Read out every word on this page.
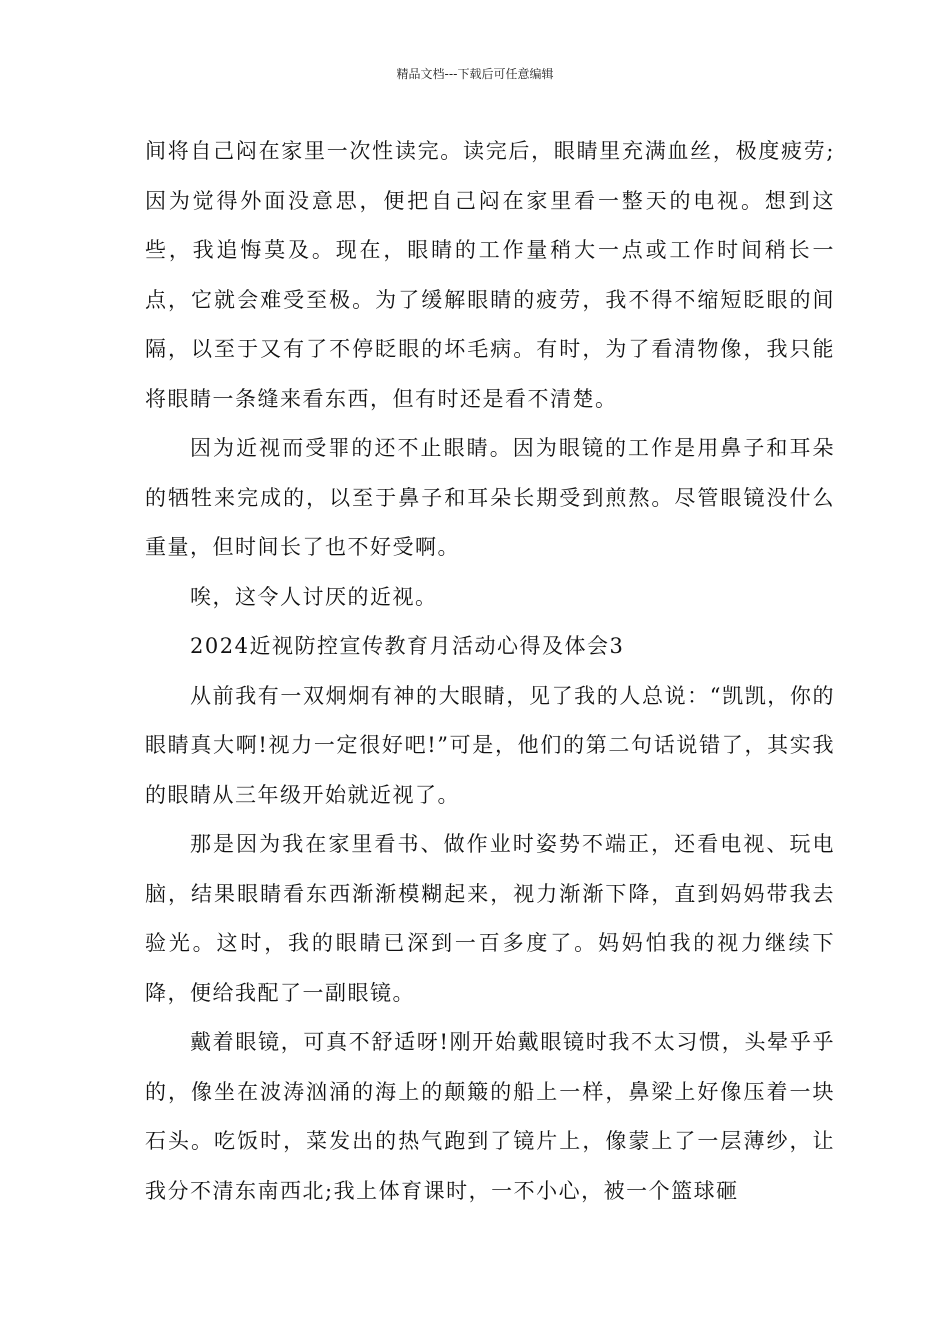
精品文档---下载后可任意编辑

间将自己闷在家里一次性读完。读完后，眼睛里充满血丝，极度疲劳;因为觉得外面没意思，便把自己闷在家里看一整天的电视。想到这些，我追悔莫及。现在，眼睛的工作量稍大一点或工作时间稍长一点，它就会难受至极。为了缓解眼睛的疲劳，我不得不缩短眨眼的间隔，以至于又有了不停眨眼的坏毛病。有时，为了看清物像，我只能将眼睛一条缝来看东西，但有时还是看不清楚。

因为近视而受罪的还不止眼睛。因为眼镜的工作是用鼻子和耳朵的牺牲来完成的，以至于鼻子和耳朵长期受到煎熬。尽管眼镜没什么重量，但时间长了也不好受啊。

唉，这令人讨厌的近视。

2024近视防控宣传教育月活动心得及体会3

从前我有一双炯炯有神的大眼睛，见了我的人总说：“凯凯，你的眼睛真大啊!视力一定很好吧!”可是，他们的第二句话说错了，其实我的眼睛从三年级开始就近视了。

那是因为我在家里看书、做作业时姿势不端正，还看电视、玩电脑，结果眼睛看东西渐渐模糊起来，视力渐渐下降，直到妈妈带我去验光。这时，我的眼睛已深到一百多度了。妈妈怕我的视力继续下降，便给我配了一副眼镜。

戴着眼镜，可真不舒适呀!刚开始戴眼镜时我不太习惯，头晕乎乎的，像坐在波涛汹涌的海上的颠簸的船上一样，鼻梁上好像压着一块石头。吃饭时，菜发出的热气跑到了镜片上，像蒙上了一层薄纱，让我分不清东南西北;我上体育课时，一不小心，被一个篮球砸
